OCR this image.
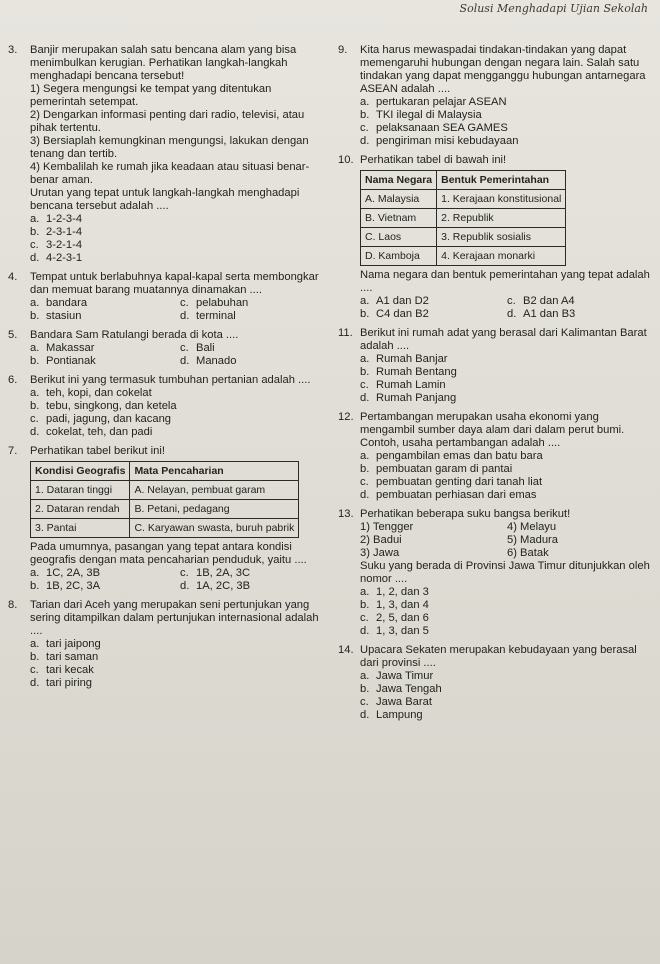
Solusi Menghadapi Ujian Sekolah
3.	Banjir merupakan salah satu bencana alam yang bisa menimbulkan kerugian. Perhatikan langkah-langkah menghadapi bencana tersebut!
1) Segera mengungsi ke tempat yang ditentukan pemerintah setempat.
2) Dengarkan informasi penting dari radio, televisi, atau pihak tertentu.
3) Bersiaplah kemungkinan mengungsi, lakukan dengan tenang dan tertib.
4) Kembalilah ke rumah jika keadaan atau situasi benar-benar aman.
Urutan yang tepat untuk langkah-langkah menghadapi bencana tersebut adalah ....
a. 1-2-3-4
b. 2-3-1-4
c. 3-2-1-4
d. 4-2-3-1
4.	Tempat untuk berlabuhnya kapal-kapal serta membongkar dan memuat barang muatannya dinamakan ....
a. bandara	c. pelabuhan
b. stasiun	d. terminal
5.	Bandara Sam Ratulangi berada di kota ....
a. Makassar	c. Bali
b. Pontianak	d. Manado
6.	Berikut ini yang termasuk tumbuhan pertanian adalah ....
a. teh, kopi, dan cokelat
b. tebu, singkong, dan ketela
c. padi, jagung, dan kacang
d. cokelat, teh, dan padi
7.	Perhatikan tabel berikut ini!
Kondisi Geografis	Mata Pencaharian
1. Dataran tinggi	A. Nelayan, pembuat garam
2. Dataran rendah	B. Petani, pedagang
3. Pantai	C. Karyawan swasta, buruh pabrik
Pada umumnya, pasangan yang tepat antara kondisi geografis dengan mata pencaharian penduduk, yaitu ....
a. 1C, 2A, 3B	c. 1B, 2A, 3C
b. 1B, 2C, 3A	d. 1A, 2C, 3B
8.	Tarian dari Aceh yang merupakan seni pertunjukan yang sering ditampilkan dalam pertunjukan internasional adalah ....
a. tari jaipong
b. tari saman
c. tari kecak
d. tari piring
9.	Kita harus mewaspadai tindakan-tindakan yang dapat memengaruhi hubungan dengan negara lain. Salah satu tindakan yang dapat mengganggu hubungan antarnegara ASEAN adalah ....
a. pertukaran pelajar ASEAN
b. TKI ilegal di Malaysia
c. pelaksanaan SEA GAMES
d. pengiriman misi kebudayaan
10. Perhatikan tabel di bawah ini!
Nama Negara	Bentuk Pemerintahan
A. Malaysia	1. Kerajaan konstitusional
B. Vietnam	2. Republik
C. Laos	3. Republik sosialis
D. Kamboja	4. Kerajaan monarki
Nama negara dan bentuk pemerintahan yang tepat adalah ....
a. A1 dan D2	c. B2 dan A4
b. C4 dan B2	d. A1 dan B3
11. Berikut ini rumah adat yang berasal dari Kalimantan Barat adalah ....
a. Rumah Banjar
b. Rumah Bentang
c. Rumah Lamin
d. Rumah Panjang
12. Pertambangan merupakan usaha ekonomi yang mengambil sumber daya alam dari dalam perut bumi. Contoh, usaha pertambangan adalah ....
a. pengambilan emas dan batu bara
b. pembuatan garam di pantai
c. pembuatan genting dari tanah liat
d. pembuatan perhiasan dari emas
13. Perhatikan beberapa suku bangsa berikut!
1) Tengger	4) Melayu
2) Badui	5) Madura
3) Jawa	6) Batak
Suku yang berada di Provinsi Jawa Timur ditunjukkan oleh nomor ....
a. 1, 2, dan 3
b. 1, 3, dan 4
c. 2, 5, dan 6
d. 1, 3, dan 5
14. Upacara Sekaten merupakan kebudayaan yang berasal dari provinsi ....
a. Jawa Timur
b. Jawa Tengah
c. Jawa Barat
d. Lampung
